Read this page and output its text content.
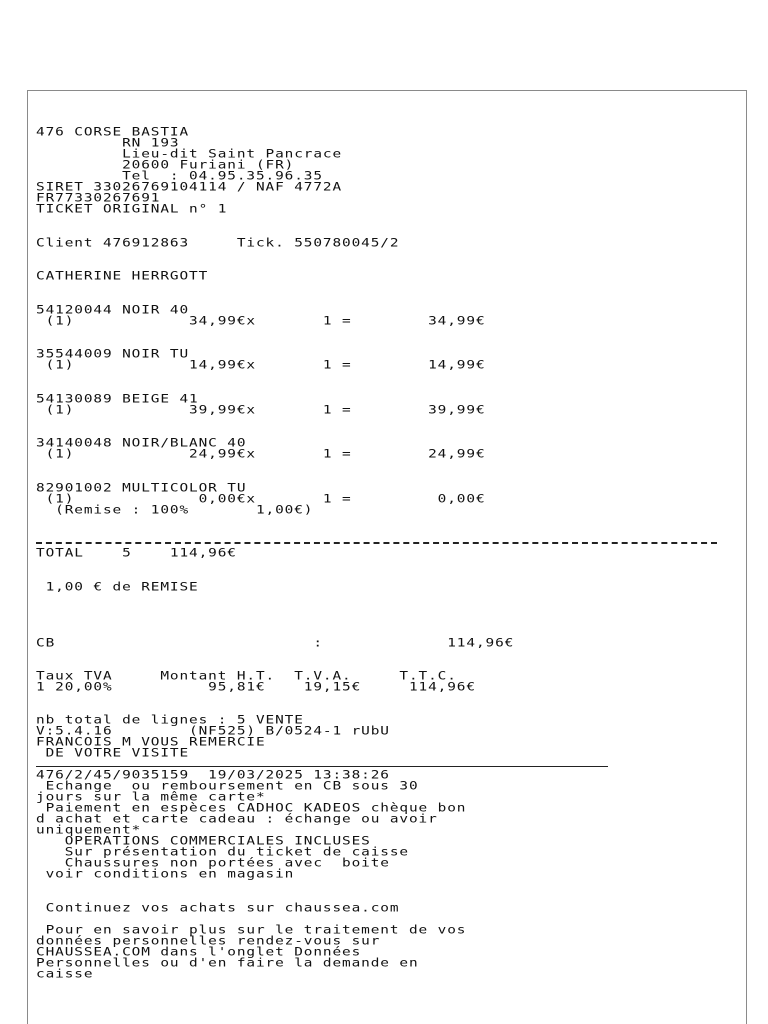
476 CORSE BASTIA
RN 193
Lieu-dit Saint Pancrace
20600 Furiani (FR)
Tel  : 04.95.35.96.35
SIRET 33026769104114 / NAF 4772A
FR77330267691
TICKET ORIGINAL n° 1
Client 476912863     Tick. 550780045/2
CATHERINE HERRGOTT
54120044 NOIR 40
(1)            34,99€x       1 =        34,99€
35544009 NOIR TU
(1)            14,99€x       1 =        14,99€
54130089 BEIGE 41
(1)            39,99€x       1 =        39,99€
34140048 NOIR/BLANC 40
(1)            24,99€x       1 =        24,99€
82901002 MULTICOLOR TU
(1)             0,00€x       1 =         0,00€
(Remise : 100%       1,00€)
TOTAL    5    114,96€
1,00 € de REMISE
CB                           :             114,96€
Taux TVA     Montant H.T.  T.V.A.     T.T.C.
1 20,00%          95,81€    19,15€     114,96€
nb total de lignes : 5 VENTE
V:5.4.16        (NF525) B/0524-1 rUbU
FRANCOIS M VOUS REMERCIE
DE VOTRE VISITE
476/2/45/9035159  19/03/2025 13:38:26
Echange  ou remboursement en CB sous 30
jours sur la même carte*
Paiement en espèces CADHOC KADEOS chèque bon
d achat et carte cadeau : échange ou avoir
uniquement*
OPERATIONS COMMERCIALES INCLUSES
Sur présentation du ticket de caisse
Chaussures non portées avec  boite
voir conditions en magasin
Continuez vos achats sur chaussea.com
Pour en savoir plus sur le traitement de vos
données personnelles rendez-vous sur
CHAUSSEA.COM dans l'onglet Données
Personnelles ou d'en faire la demande en
caisse
